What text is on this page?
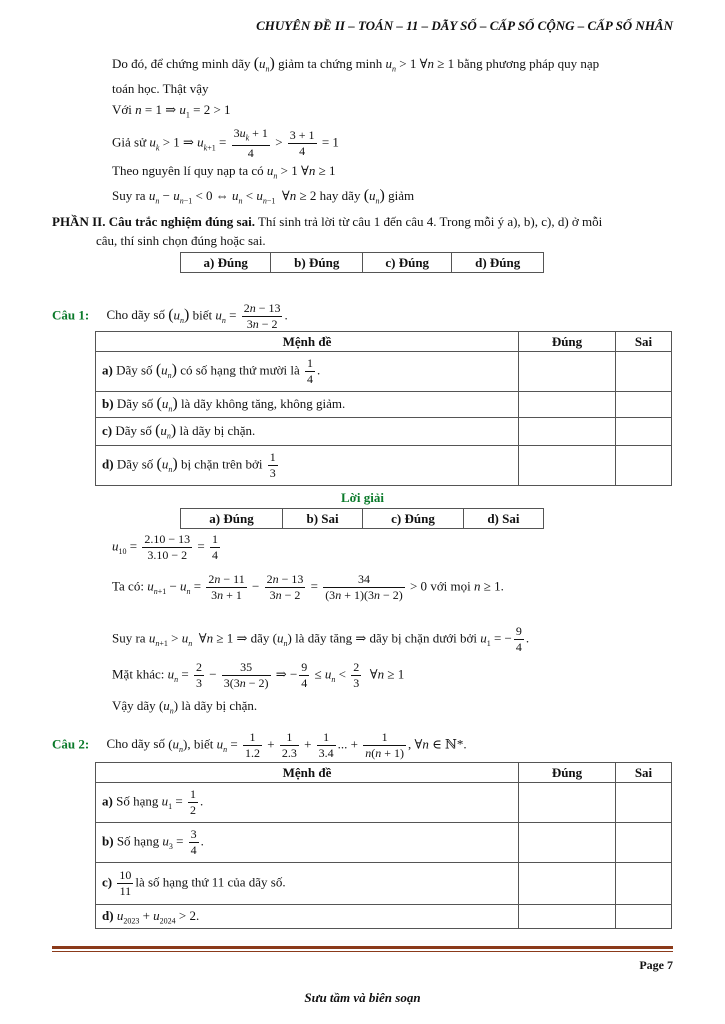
CHUYÊN ĐỀ II – TOÁN – 11 – DÃY SỐ – CẤP SỐ CỘNG – CẤP SỐ NHÂN
Do đó, để chứng minh dãy $(u_n)$ giảm ta chứng minh $u_n > 1$ ∀n ≥ 1 bằng phương pháp quy nạp
toán học. Thật vậy
Với n = 1 ⇒ $u_1 = 2 > 1$
Giả sử $u_k > 1$ ⇒ $u_{k+1} = \frac{3u_k + 1}{4} > \frac{3 + 1}{4} = 1$
Theo nguyên lí quy nạp ta có $u_n > 1$ ∀n ≥ 1
Suy ra $u_n - u_{n-1} < 0$ ⇔ $u_n < u_{n-1}$  ∀n ≥ 2 hay dãy $(u_n)$ giảm
PHẦN II. Câu trắc nghiệm đúng sai. Thí sinh trả lời từ câu 1 đến câu 4. Trong mỗi ý a), b), c), d) ở mỗi
câu, thí sinh chọn đúng hoặc sai.
a) Đúng	b) Đúng	c) Đúng	d) Đúng
Câu 1: Cho dãy số $(u_n)$ biết $u_n = \frac{2n - 13}{3n - 2}$ .
Mệnh đề	Đúng	Sai
a) Dãy số $(u_n)$ có số hạng thứ mười là $\frac{1}{4}$ .		
b) Dãy số $(u_n)$ là dãy không tăng, không giảm.		
c) Dãy số $(u_n)$ là dãy bị chặn.		
d) Dãy số $(u_n)$ bị chặn trên bởi $\frac{1}{3}$

Lời giải
a) Đúng	b) Sai	c) Đúng	d) Sai
$u_{10} = \frac{2.10 - 13}{3.10 - 2} = \frac{1}{4}$
Ta có: $u_{n+1} - u_n = \frac{2n - 11}{3n + 1} - \frac{2n - 13}{3n - 2} = \frac{34}{(3n + 1)(3n - 2)} > 0$ với mọi n ≥ 1.
Suy ra $u_{n+1} > u_n$  ∀n ≥ 1 ⇒ dãy $(u_n)$ là dãy tăng ⇒ dãy bị chặn dưới bởi $u_1$ = − $\frac{9}{4}$ .
Mặt khác: $u_n = \frac{2}{3} - \frac{35}{3(3n - 2)}$ ⇒ − $\frac{9}{4} \le u_n < \frac{2}{3}$ ∀n ≥ 1
Vậy dãy $(u_n)$ là dãy bị chặn.
Câu 2: Cho dãy số $(u_n)$, biết $u_n = \frac{1}{1.2} + \frac{1}{2.3} + \frac{1}{3.4}$ ... + $\frac{1}{n(n + 1)}$ , ∀n ∈ ℕ*.
Mệnh đề	Đúng	Sai
a) Số hạng $u_1 = \frac{1}{2}$ .		
b) Số hạng $u_3 = \frac{3}{4}$ .		
$c) \frac{10}{11}$ là số hạng thứ 11 của dãy số.		
d) $u_{2023} + u_{2024} > 2$.		
Page 7
Sưu tầm và biên soạn
